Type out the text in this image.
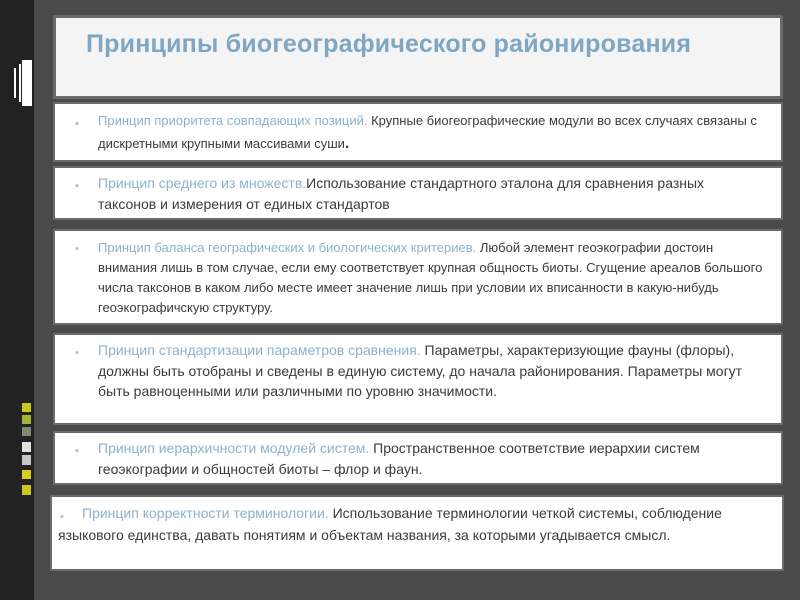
Принципы биогеографического районирования
▪ Принцип приоритета совпадающих позиций. Крупные биогеографические модули во всех случаях связаны с дискретными крупными массивами суши.
▪ Принцип среднего из множеств.Использование стандартного эталона для сравнения разных таксонов и измерения от единых стандартов
▪ Принцип баланса географических и биологических критериев. Любой элемент геоэкографии достоин внимания лишь в том случае, если ему соответствует крупная общность биоты. Сгущение ареалов большого числа таксонов в каком либо месте имеет значение лишь при условии их вписанности в какую-нибудь геоэкографичскую структуру.
▪ Принцип стандартизации параметров сравнения. Параметры, характеризующие фауны (флоры), должны быть отобраны и сведены в единую систему, до начала районирования. Параметры могут быть равноценными или различными по уровню значимости.
▪ Принцип иерархичности модулей систем. Пространственное соответствие иерархии систем геоэкографии и общностей биоты – флор и фаун.
▪	Принцип корректности терминологии. Использование терминологии четкой системы, соблюдение языкового единства, давать понятиям и объектам названия, за которыми угадывается смысл.
